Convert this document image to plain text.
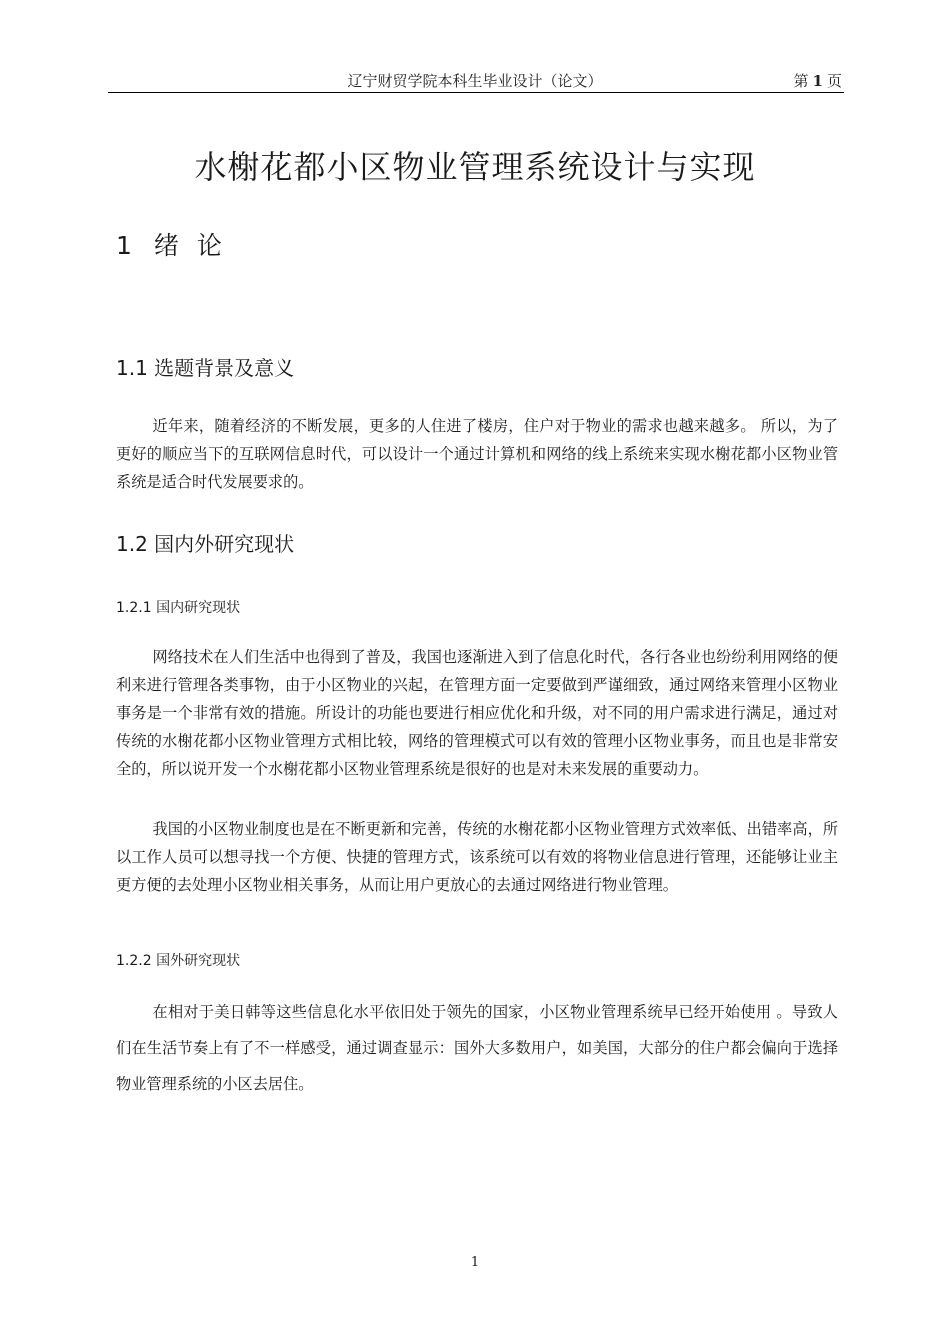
辽宁财贸学院本科生毕业设计（论文）	第 1 页
水榭花都小区物业管理系统设计与实现
1 绪论
1.1 选题背景及意义

近年来，随着经济的不断发展，更多的人住进了楼房，住户对于物业的需求也越来越多。 所以，为了更好的顺应当下的互联网信息时代，可以设计一个通过计算机和网络的线上系统来实现水榭花都小区物业管系统是适合时代发展要求的。

1.2 国内外研究现状
1.2.1 国内研究现状

网络技术在人们生活中也得到了普及，我国也逐渐进入到了信息化时代，各行各业也纷纷利用网络的便利来进行管理各类事物，由于小区物业的兴起，在管理方面一定要做到严谨细致，通过网络来管理小区物业事务是一个非常有效的措施。所设计的功能也要进行相应优化和升级，对不同的用户需求进行满足，通过对传统的水榭花都小区物业管理方式相比较，网络的管理模式可以有效的管理小区物业事务，而且也是非常安全的，所以说开发一个水榭花都小区物业管理系统是很好的也是对未来发展的重要动力。

我国的小区物业制度也是在不断更新和完善，传统的水榭花都小区物业管理方式效率低、出错率高，所以工作人员可以想寻找一个方便、快捷的管理方式，该系统可以有效的将物业信息进行管理，还能够让业主更方便的去处理小区物业相关事务，从而让用户更放心的去通过网络进行物业管理。

1.2.2 国外研究现状

在相对于美日韩等这些信息化水平依旧处于领先的国家，小区物业管理系统早已经开始使用 。导致人们在生活节奏上有了不一样感受，通过调查显示：国外大多数用户，如美国，大部分的住户都会偏向于选择物业管理系统的小区去居住。

1
